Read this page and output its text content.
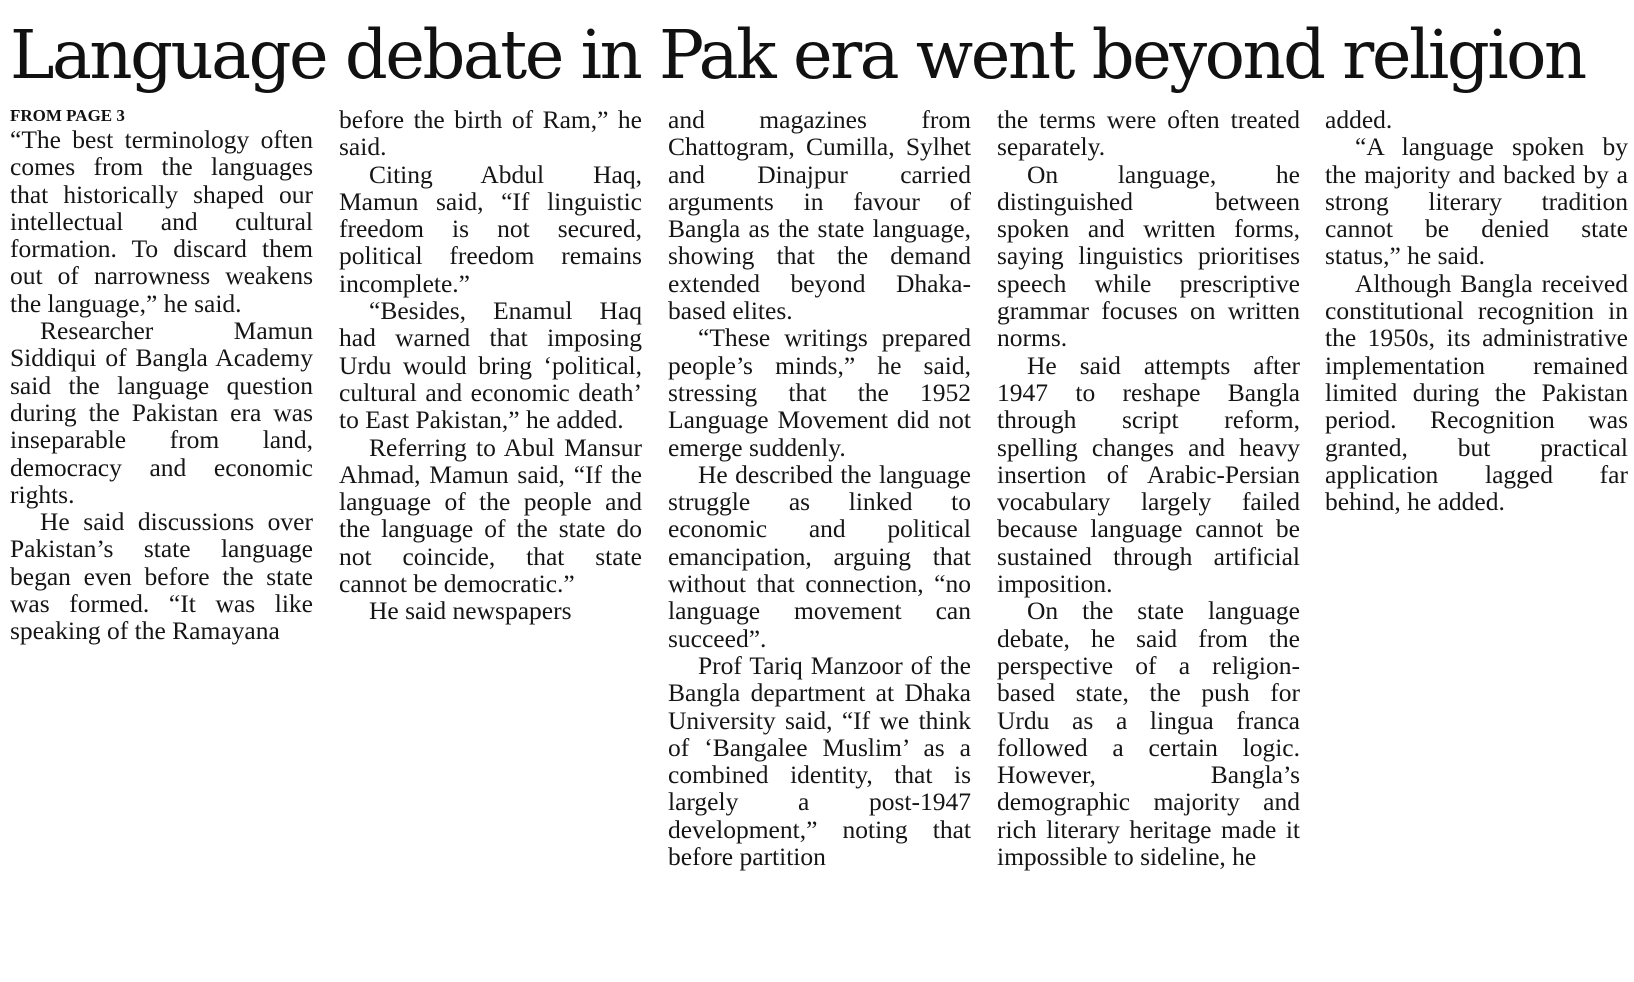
Language debate in Pak era went beyond religion
FROM PAGE 3

“The best terminology often comes from the languages that historically shaped our intellectual and cultural formation. To discard them out of narrowness weakens the language,” he said.

Researcher Mamun Siddiqui of Bangla Academy said the language question during the Pakistan era was inseparable from land, democracy and economic rights.

He said discussions over Pakistan’s state language began even before the state was formed. “It was like speaking of the Ramayana

before the birth of Ram,” he said.

Citing Abdul Haq, Mamun said, “If linguistic freedom is not secured, political freedom remains incomplete.”

“Besides, Enamul Haq had warned that imposing Urdu would bring ‘political, cultural and economic death’ to East Pakistan,” he added.

Referring to Abul Mansur Ahmad, Mamun said, “If the language of the people and the language of the state do not coincide, that state cannot be democratic.”

He said newspapers

and magazines from Chattogram, Cumilla, Sylhet and Dinajpur carried arguments in favour of Bangla as the state language, showing that the demand extended beyond Dhaka-based elites.

“These writings prepared people’s minds,” he said, stressing that the 1952 Language Movement did not emerge suddenly.

He described the language struggle as linked to economic and political emancipation, arguing that without that connection, “no language movement can succeed”.

Prof Tariq Manzoor of the Bangla department at Dhaka University said, “If we think of ‘Bangalee Muslim’ as a combined identity, that is largely a post-1947 development,” noting that before partition

the terms were often treated separately.

On language, he distinguished between spoken and written forms, saying linguistics prioritises speech while prescriptive grammar focuses on written norms.

He said attempts after 1947 to reshape Bangla through script reform, spelling changes and heavy insertion of Arabic-Persian vocabulary largely failed because language cannot be sustained through artificial imposition.

On the state language debate, he said from the perspective of a religion-based state, the push for Urdu as a lingua franca followed a certain logic. However, Bangla’s demographic majority and rich literary heritage made it impossible to sideline, he

added.

“A language spoken by the majority and backed by a strong literary tradition cannot be denied state status,” he said.

Although Bangla received constitutional recognition in the 1950s, its administrative implementation remained limited during the Pakistan period. Recognition was granted, but practical application lagged far behind, he added.
